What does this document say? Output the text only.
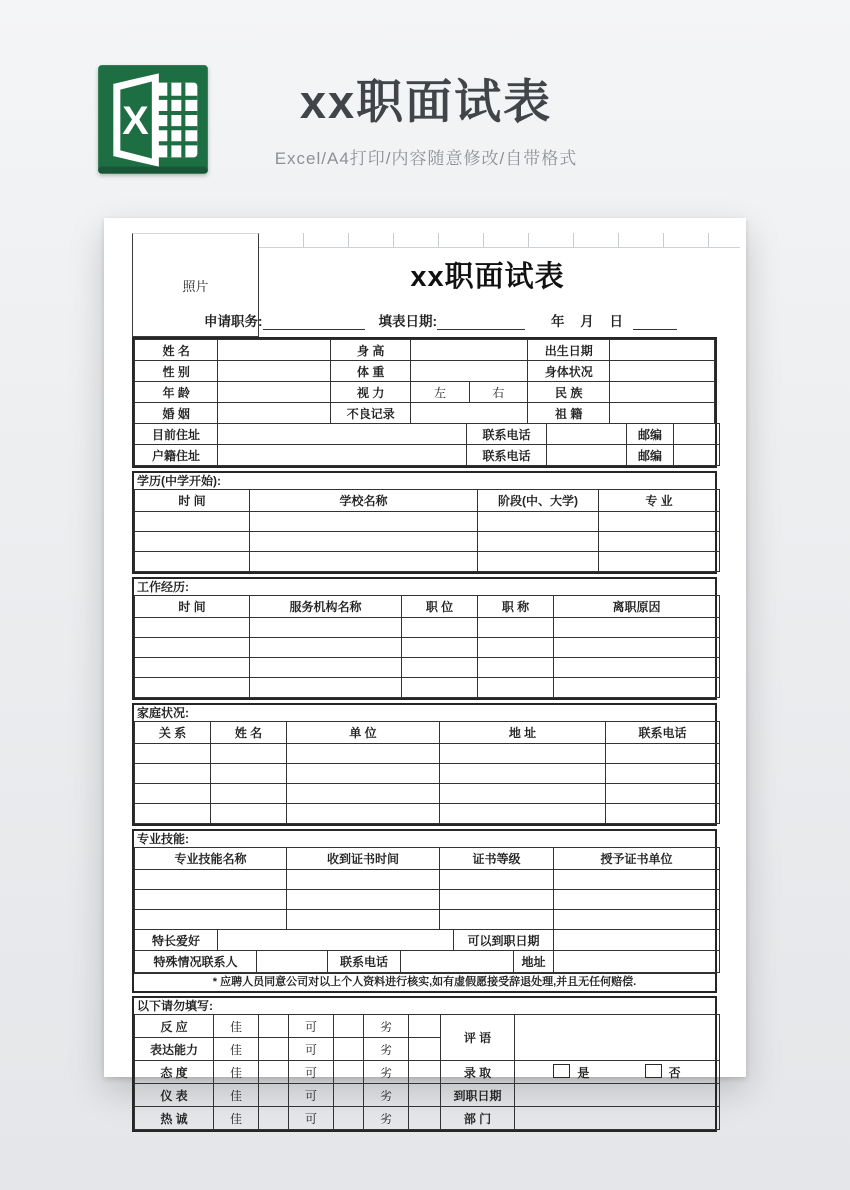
X	xx职面试表
Excel/A4打印/内容随意修改/自带格式
照片	xx职面试表
申请职务:	填表日期:	年 月 日
姓 名		身 高			出生日期	
性 别		体 重			身体状况	
年 龄		视 力	左	右	民 族	
婚 姻		不良记录			祖 籍	
目前住址		联系电话		邮编	
户籍住址		联系电话		邮编	
学历(中学开始):
时 间	学校名称	阶段(中、大学)	专 业

工作经历:
时 间	服务机构名称	职 位	职 称	离职原因

家庭状况:
关 系	姓 名	单 位	地 址	联系电话

专业技能:
专业技能名称	收到证书时间	证书等级	授予证书单位

特长爱好		可以到职日期	
特殊情况联系人		联系电话		地址	
* 应聘人员同意公司对以上个人资料进行核实,如有虚假愿接受辞退处理,并且无任何赔偿.
以下请勿填写:
反 应	佳		可		劣		评 语	
表达能力	佳		可		劣			
态 度	佳		可		劣		录 取	是 否
仪 表	佳		可		劣		到职日期	
热 诚	佳		可		劣		部 门	
